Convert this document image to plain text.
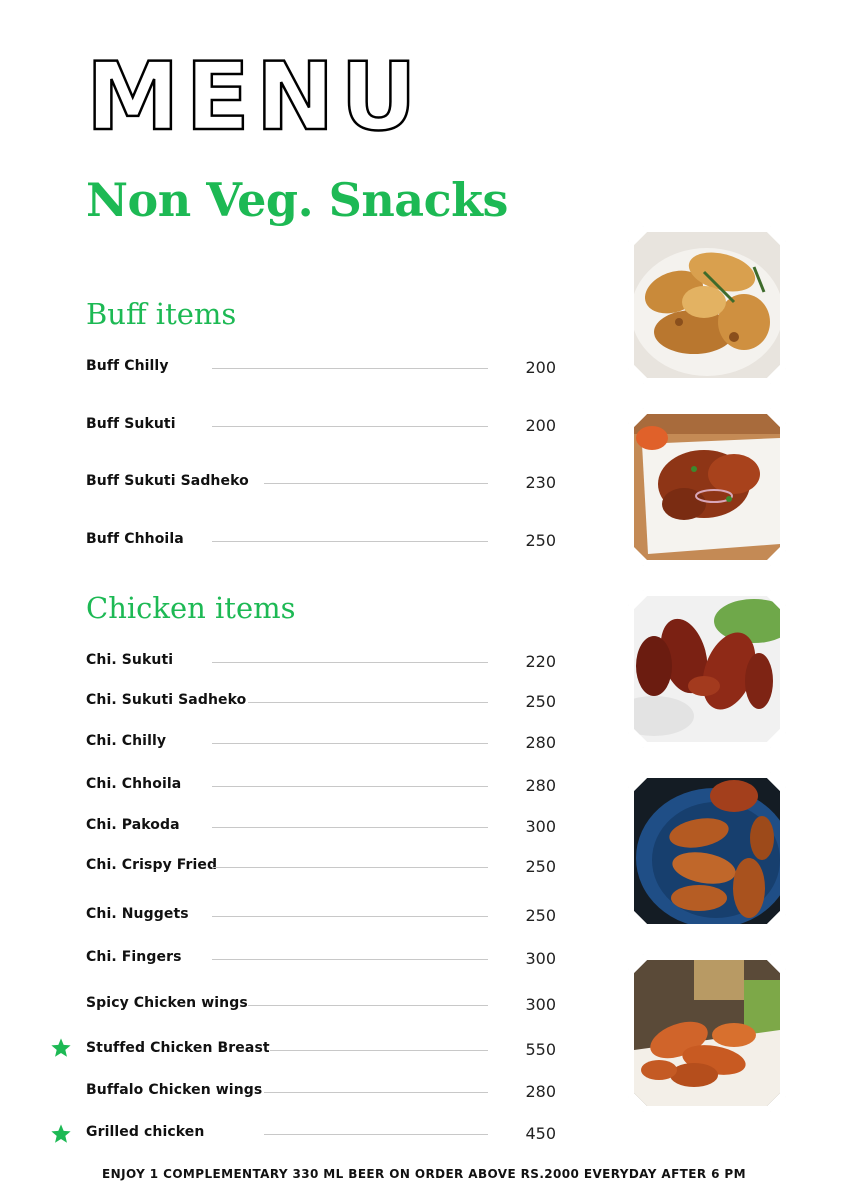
MENU
Non Veg. Snacks
Buff items
Buff Chilly	200
Buff Sukuti	200
Buff Sukuti Sadheko	230
Buff Chhoila	250
Chicken items
Chi. Sukuti	220
Chi. Sukuti Sadheko	250
Chi. Chilly	280
Chi. Chhoila	280
Chi. Pakoda	300
Chi. Crispy Fried	250
Chi. Nuggets	250
Chi. Fingers	300
Spicy Chicken wings	300
Stuffed Chicken Breast	550
Buffalo Chicken wings	280
Grilled chicken	450

ENJOY 1 COMPLEMENTARY 330 ML BEER ON ORDER ABOVE RS.2000 EVERYDAY AFTER 6 PM
